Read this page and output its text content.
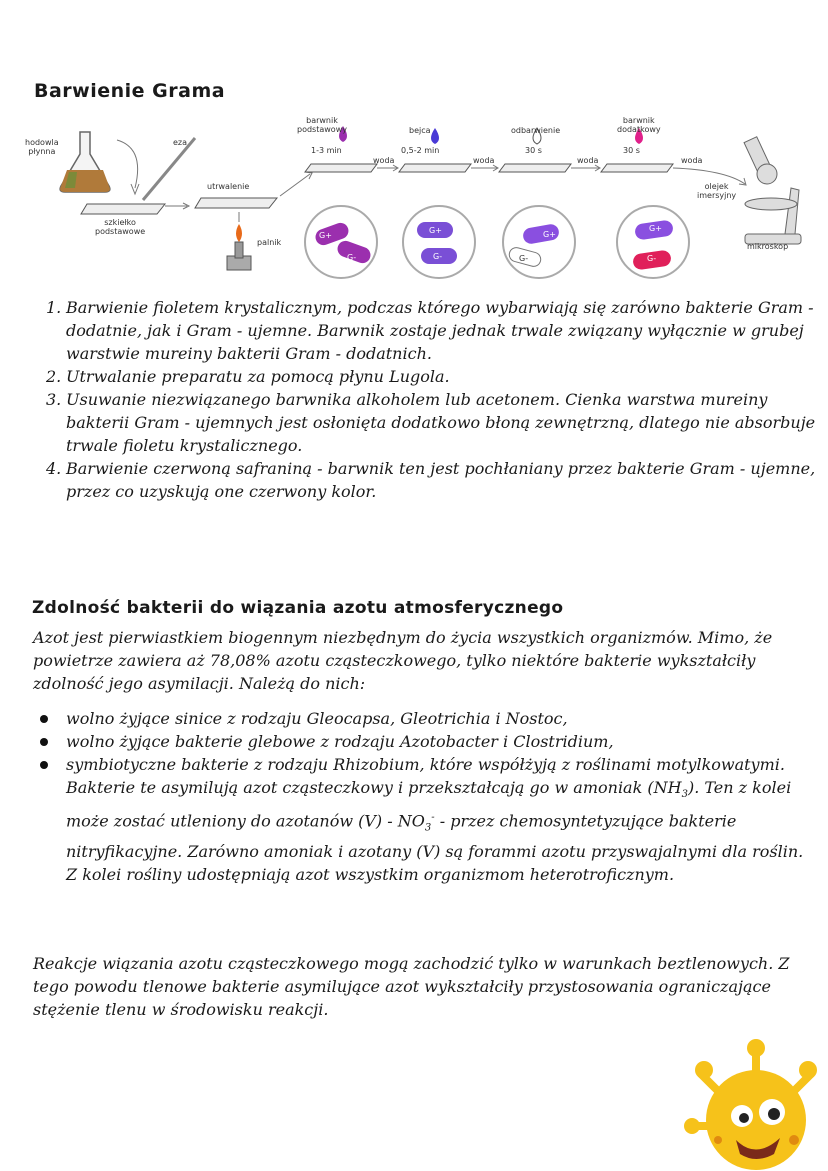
Barwienie Grama
hodowla
płynna
eza
szkiełko
podstawowe
utrwalenie
palnik
barwnik
podstawowy
1-3 min
bejca
0,5-2 min
odbarwienie
30 s
barwnik
dodatkowy
30 s
woda	woda	woda	woda
olejek
imersyjny
mikroskop
G+
G-
G+
G-
G+
G-
G+
G-
1. Barwienie fioletem krystalicznym, podczas którego wybarwiają się zarówno bakterie Gram - dodatnie, jak i Gram - ujemne. Barwnik zostaje jednak trwale związany wyłącznie w grubej warstwie mureiny bakterii Gram - dodatnich.
2. Utrwalanie preparatu za pomocą płynu Lugola.
3. Usuwanie niezwiązanego barwnika alkoholem lub acetonem. Cienka warstwa mureiny bakterii Gram - ujemnych jest osłonięta dodatkowo błoną zewnętrzną, dlatego nie absorbuje trwale fioletu krystalicznego.
4. Barwienie czerwoną safraniną - barwnik ten jest pochłaniany przez bakterie Gram - ujemne, przez co uzyskują one czerwony kolor.
Zdolność bakterii do wiązania azotu atmosferycznego

Azot jest pierwiastkiem biogennym niezbędnym do życia wszystkich organizmów. Mimo, że powietrze zawiera aż 78,08% azotu cząsteczkowego, tylko niektóre bakterie wykształciły zdolność jego asymilacji. Należą do nich:

wolno żyjące sinice z rodzaju Gleocapsa, Gleotrichia i Nostoc,
wolno żyjące bakterie glebowe z rodzaju Azotobacter i Clostridium,
symbiotyczne bakterie z rodzaju Rhizobium, które współżyją z roślinami motylkowatymi. Bakterie te asymilują azot cząsteczkowy i przekształcają go w amoniak $(NH_3)$. Ten z kolei może zostać utleniony do azotanów $(V) - NO_3^-$ - przez chemosyntetyzujące bakterie nitryfikacyjne. Zarówno amoniak i azotany (V) są forammi azotu przyswajalnymi dla roślin. Z kolei rośliny udostępniają azot wszystkim organizmom heterotroficznym.

Reakcje wiązania azotu cząsteczkowego mogą zachodzić tylko w warunkach beztlenowych. Z tego powodu tlenowe bakterie asymilujące azot wykształciły przystosowania ograniczające stężenie tlenu w środowisku reakcji.
